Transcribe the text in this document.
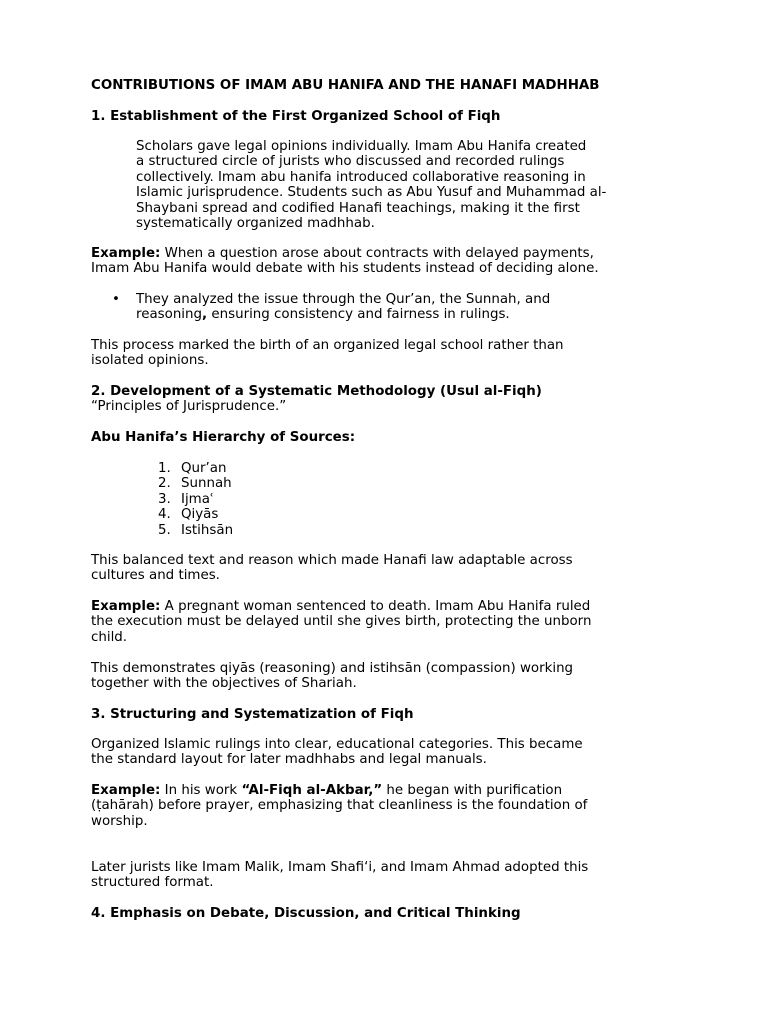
CONTRIBUTIONS OF IMAM ABU HANIFA AND THE HANAFI MADHHAB

1. Establishment of the First Organized School of Fiqh

Scholars gave legal opinions individually. Imam Abu Hanifa created
a structured circle of jurists who discussed and recorded rulings
collectively. Imam abu hanifa introduced collaborative reasoning in
Islamic jurisprudence. Students such as Abu Yusuf and Muhammad al-
Shaybani spread and codified Hanafi teachings, making it the first
systematically organized madhhab.
Example: When a question arose about contracts with delayed payments,
Imam Abu Hanifa would debate with his students instead of deciding alone.
• They analyzed the issue through the Qur’an, the Sunnah, and
reasoning, ensuring consistency and fairness in rulings.
This process marked the birth of an organized legal school rather than
isolated opinions.
2. Development of a Systematic Methodology (Usul al-Fiqh)
“Principles of Jurisprudence.”

Abu Hanifa’s Hierarchy of Sources:

1. Qur’an
2. Sunnah
3. Ijmaʿ
4. Qiyās
5. Istihsān
This balanced text and reason which made Hanafi law adaptable across
cultures and times.
Example: A pregnant woman sentenced to death. Imam Abu Hanifa ruled
the execution must be delayed until she gives birth, protecting the unborn
child.
This demonstrates qiyās (reasoning) and istihsān (compassion) working
together with the objectives of Shariah.

3. Structuring and Systematization of Fiqh

Organized Islamic rulings into clear, educational categories. This became
the standard layout for later madhhabs and legal manuals.
Example: In his work “Al-Fiqh al-Akbar,” he began with purification
(ṭahārah) before prayer, emphasizing that cleanliness is the foundation of
worship.
Later jurists like Imam Malik, Imam Shafi‘i, and Imam Ahmad adopted this
structured format.

4. Emphasis on Debate, Discussion, and Critical Thinking
